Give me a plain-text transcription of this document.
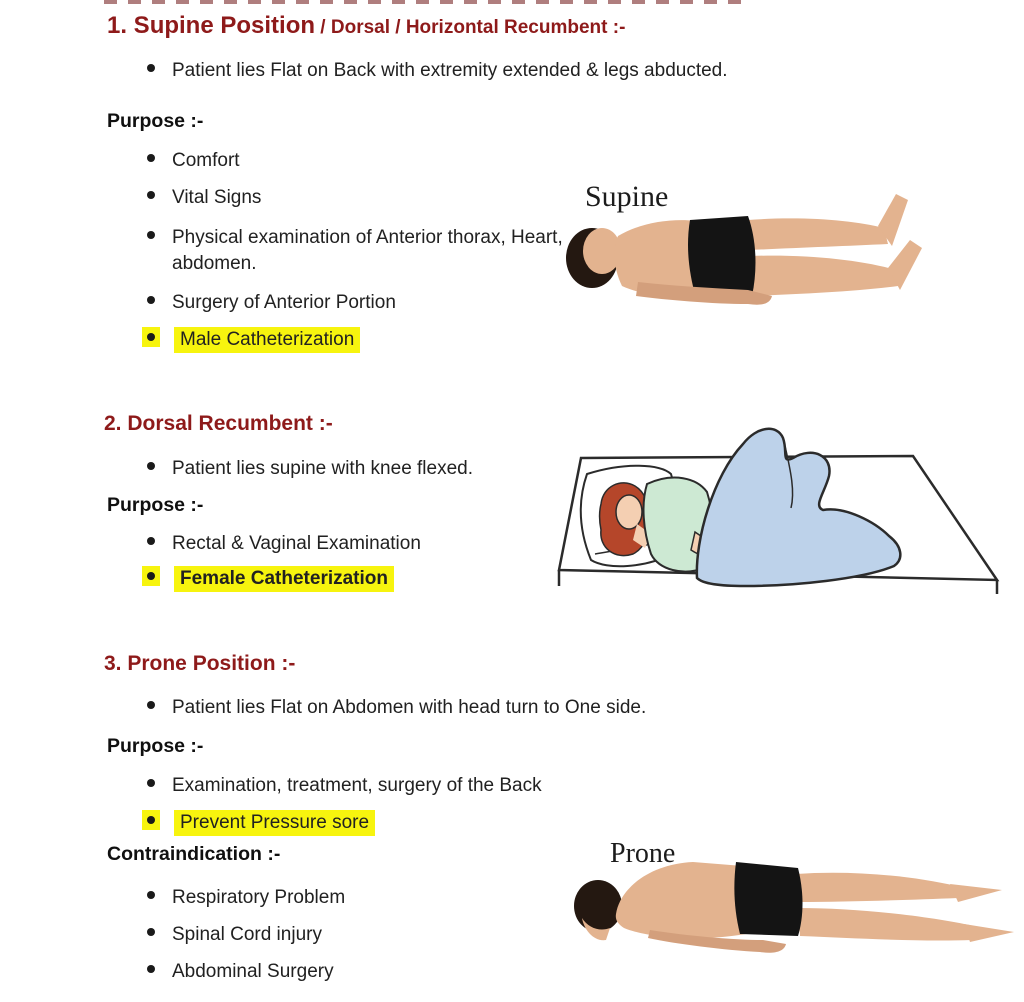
1. Supine Position / Dorsal / Horizontal Recumbent :-
Patient lies Flat on Back with extremity extended & legs abducted.
Purpose :-
Comfort
Vital Signs
Physical examination of Anterior thorax, Heart, abdomen.
Surgery of Anterior Portion
Male Catheterization
Supine
2. Dorsal Recumbent :-
Patient lies supine with knee flexed.
Purpose :-
Rectal & Vaginal Examination
Female Catheterization
3. Prone Position :-
Patient lies Flat on Abdomen with head turn to One side.
Purpose :-
Examination, treatment, surgery of the Back
Prevent Pressure sore
Contraindication :-
Respiratory Problem
Spinal Cord injury
Abdominal Surgery
Prone
